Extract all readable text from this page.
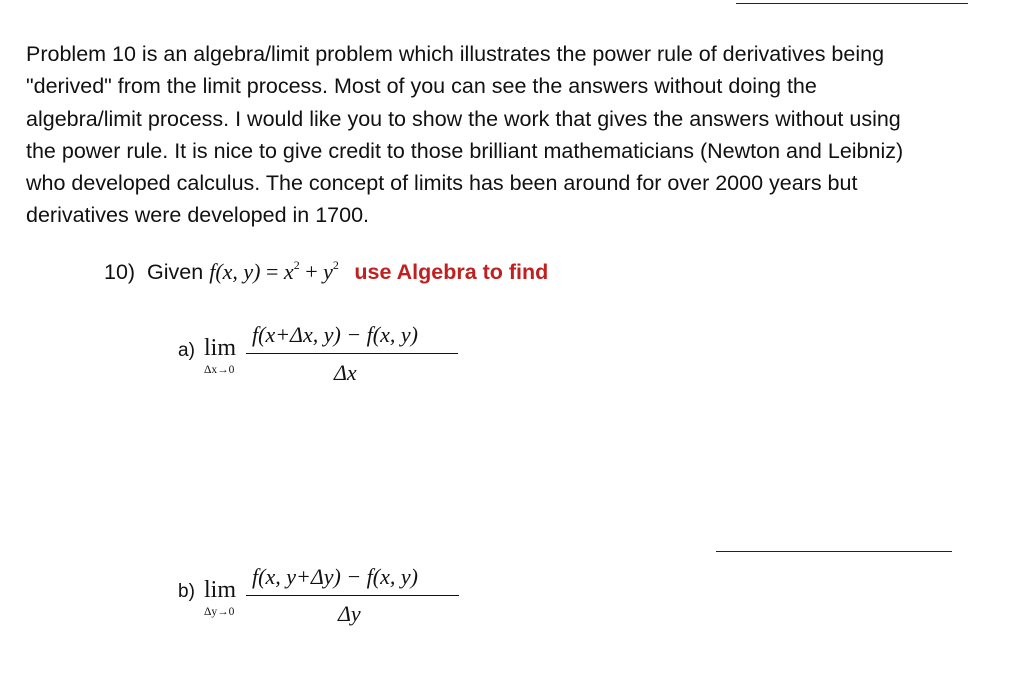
Problem 10 is an algebra/limit problem which illustrates the power rule of derivatives being
"derived" from the limit process. Most of you can see the answers without doing the
algebra/limit process. I would like you to show the work that gives the answers without using
the power rule. It is nice to give credit to those brilliant mathematicians (Newton and Leibniz)
who developed calculus. The concept of limits has been around for over 2000 years but
derivatives were developed in 1700.
10) Given f(x, $y) = x^2 + y^2$ use Algebra to find
a) lim
Δx→0
f(x+Δx, y) − f(x, y)
Δx
b) lim
Δy→0
f(x, y+Δy) − f(x, y)
Δy
